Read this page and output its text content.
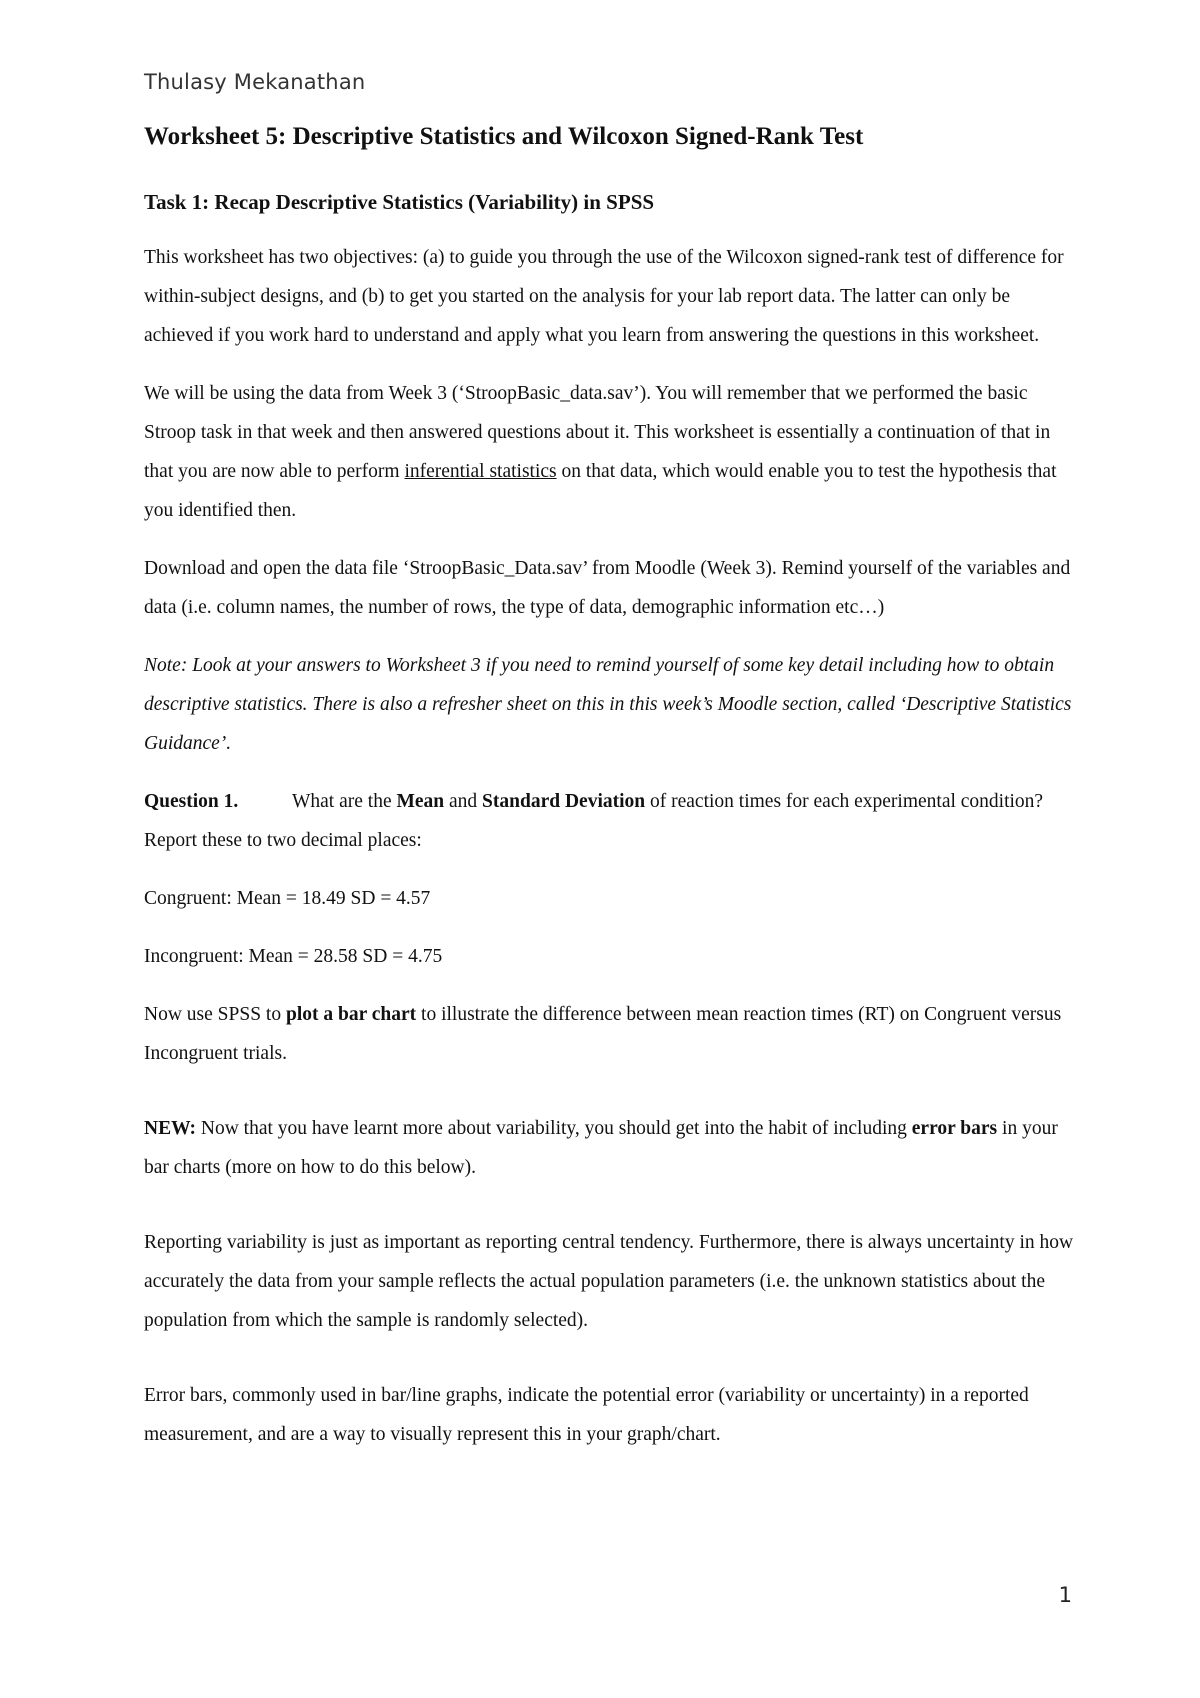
Thulasy Mekanathan
Worksheet 5: Descriptive Statistics and Wilcoxon Signed-Rank Test
Task 1: Recap Descriptive Statistics (Variability) in SPSS

This worksheet has two objectives: (a) to guide you through the use of the Wilcoxon signed-rank test of difference for within-subject designs, and (b) to get you started on the analysis for your lab report data. The latter can only be achieved if you work hard to understand and apply what you learn from answering the questions in this worksheet.

We will be using the data from Week 3 (‘StroopBasic_data.sav’). You will remember that we performed the basic Stroop task in that week and then answered questions about it. This worksheet is essentially a continuation of that in that you are now able to perform inferential statistics on that data, which would enable you to test the hypothesis that you identified then.

Download and open the data file ‘StroopBasic_Data.sav’ from Moodle (Week 3). Remind yourself of the variables and data (i.e. column names, the number of rows, the type of data, demographic information etc…)

Note: Look at your answers to Worksheet 3 if you need to remind yourself of some key detail including how to obtain descriptive statistics. There is also a refresher sheet on this in this week’s Moodle section, called ‘Descriptive Statistics Guidance’.

Question 1.	What are the Mean and Standard Deviation of reaction times for each experimental condition? Report these to two decimal places:

Congruent: Mean = 18.49 SD = 4.57

Incongruent: Mean = 28.58 SD = 4.75

Now use SPSS to plot a bar chart to illustrate the difference between mean reaction times (RT) on Congruent versus Incongruent trials.

NEW: Now that you have learnt more about variability, you should get into the habit of including error bars in your bar charts (more on how to do this below).

Reporting variability is just as important as reporting central tendency. Furthermore, there is always uncertainty in how accurately the data from your sample reflects the actual population parameters (i.e. the unknown statistics about the population from which the sample is randomly selected).

Error bars, commonly used in bar/line graphs, indicate the potential error (variability or uncertainty) in a reported measurement, and are a way to visually represent this in your graph/chart.

1
